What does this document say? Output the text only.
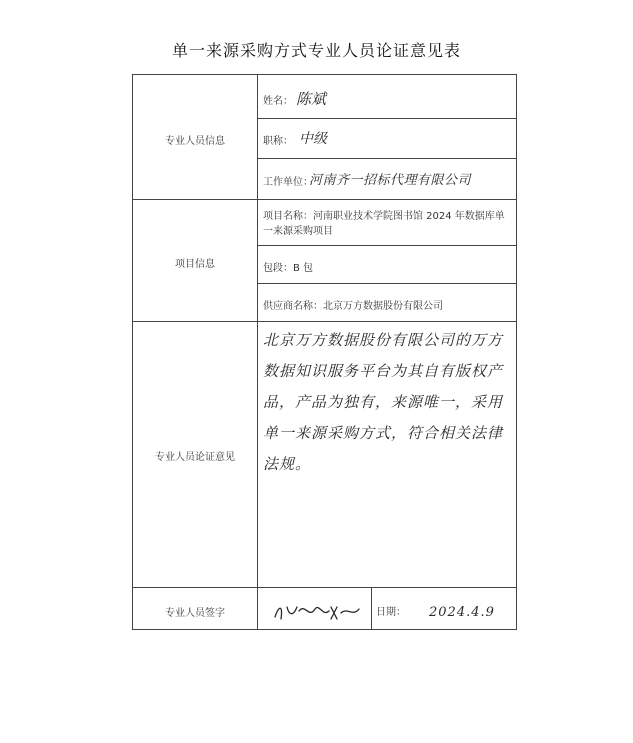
单一来源采购方式专业人员论证意见表
专业人员信息
姓名： 陈斌
职称： 中级
工作单位：
河南齐一招标代理有限公司
项目信息
项目名称：河南职业技术学院图书馆 2024 年数据库单一来源采购项目
包段：B 包
供应商名称：北京万方数据股份有限公司
专业人员论证意见
北京万方数据股份有限公司的万方数据知识服务平台为其自有版权产品，产品为独有，来源唯一，采用单一来源采购方式，符合相关法律法规。
专业人员签字	日期： 2024.4.9
